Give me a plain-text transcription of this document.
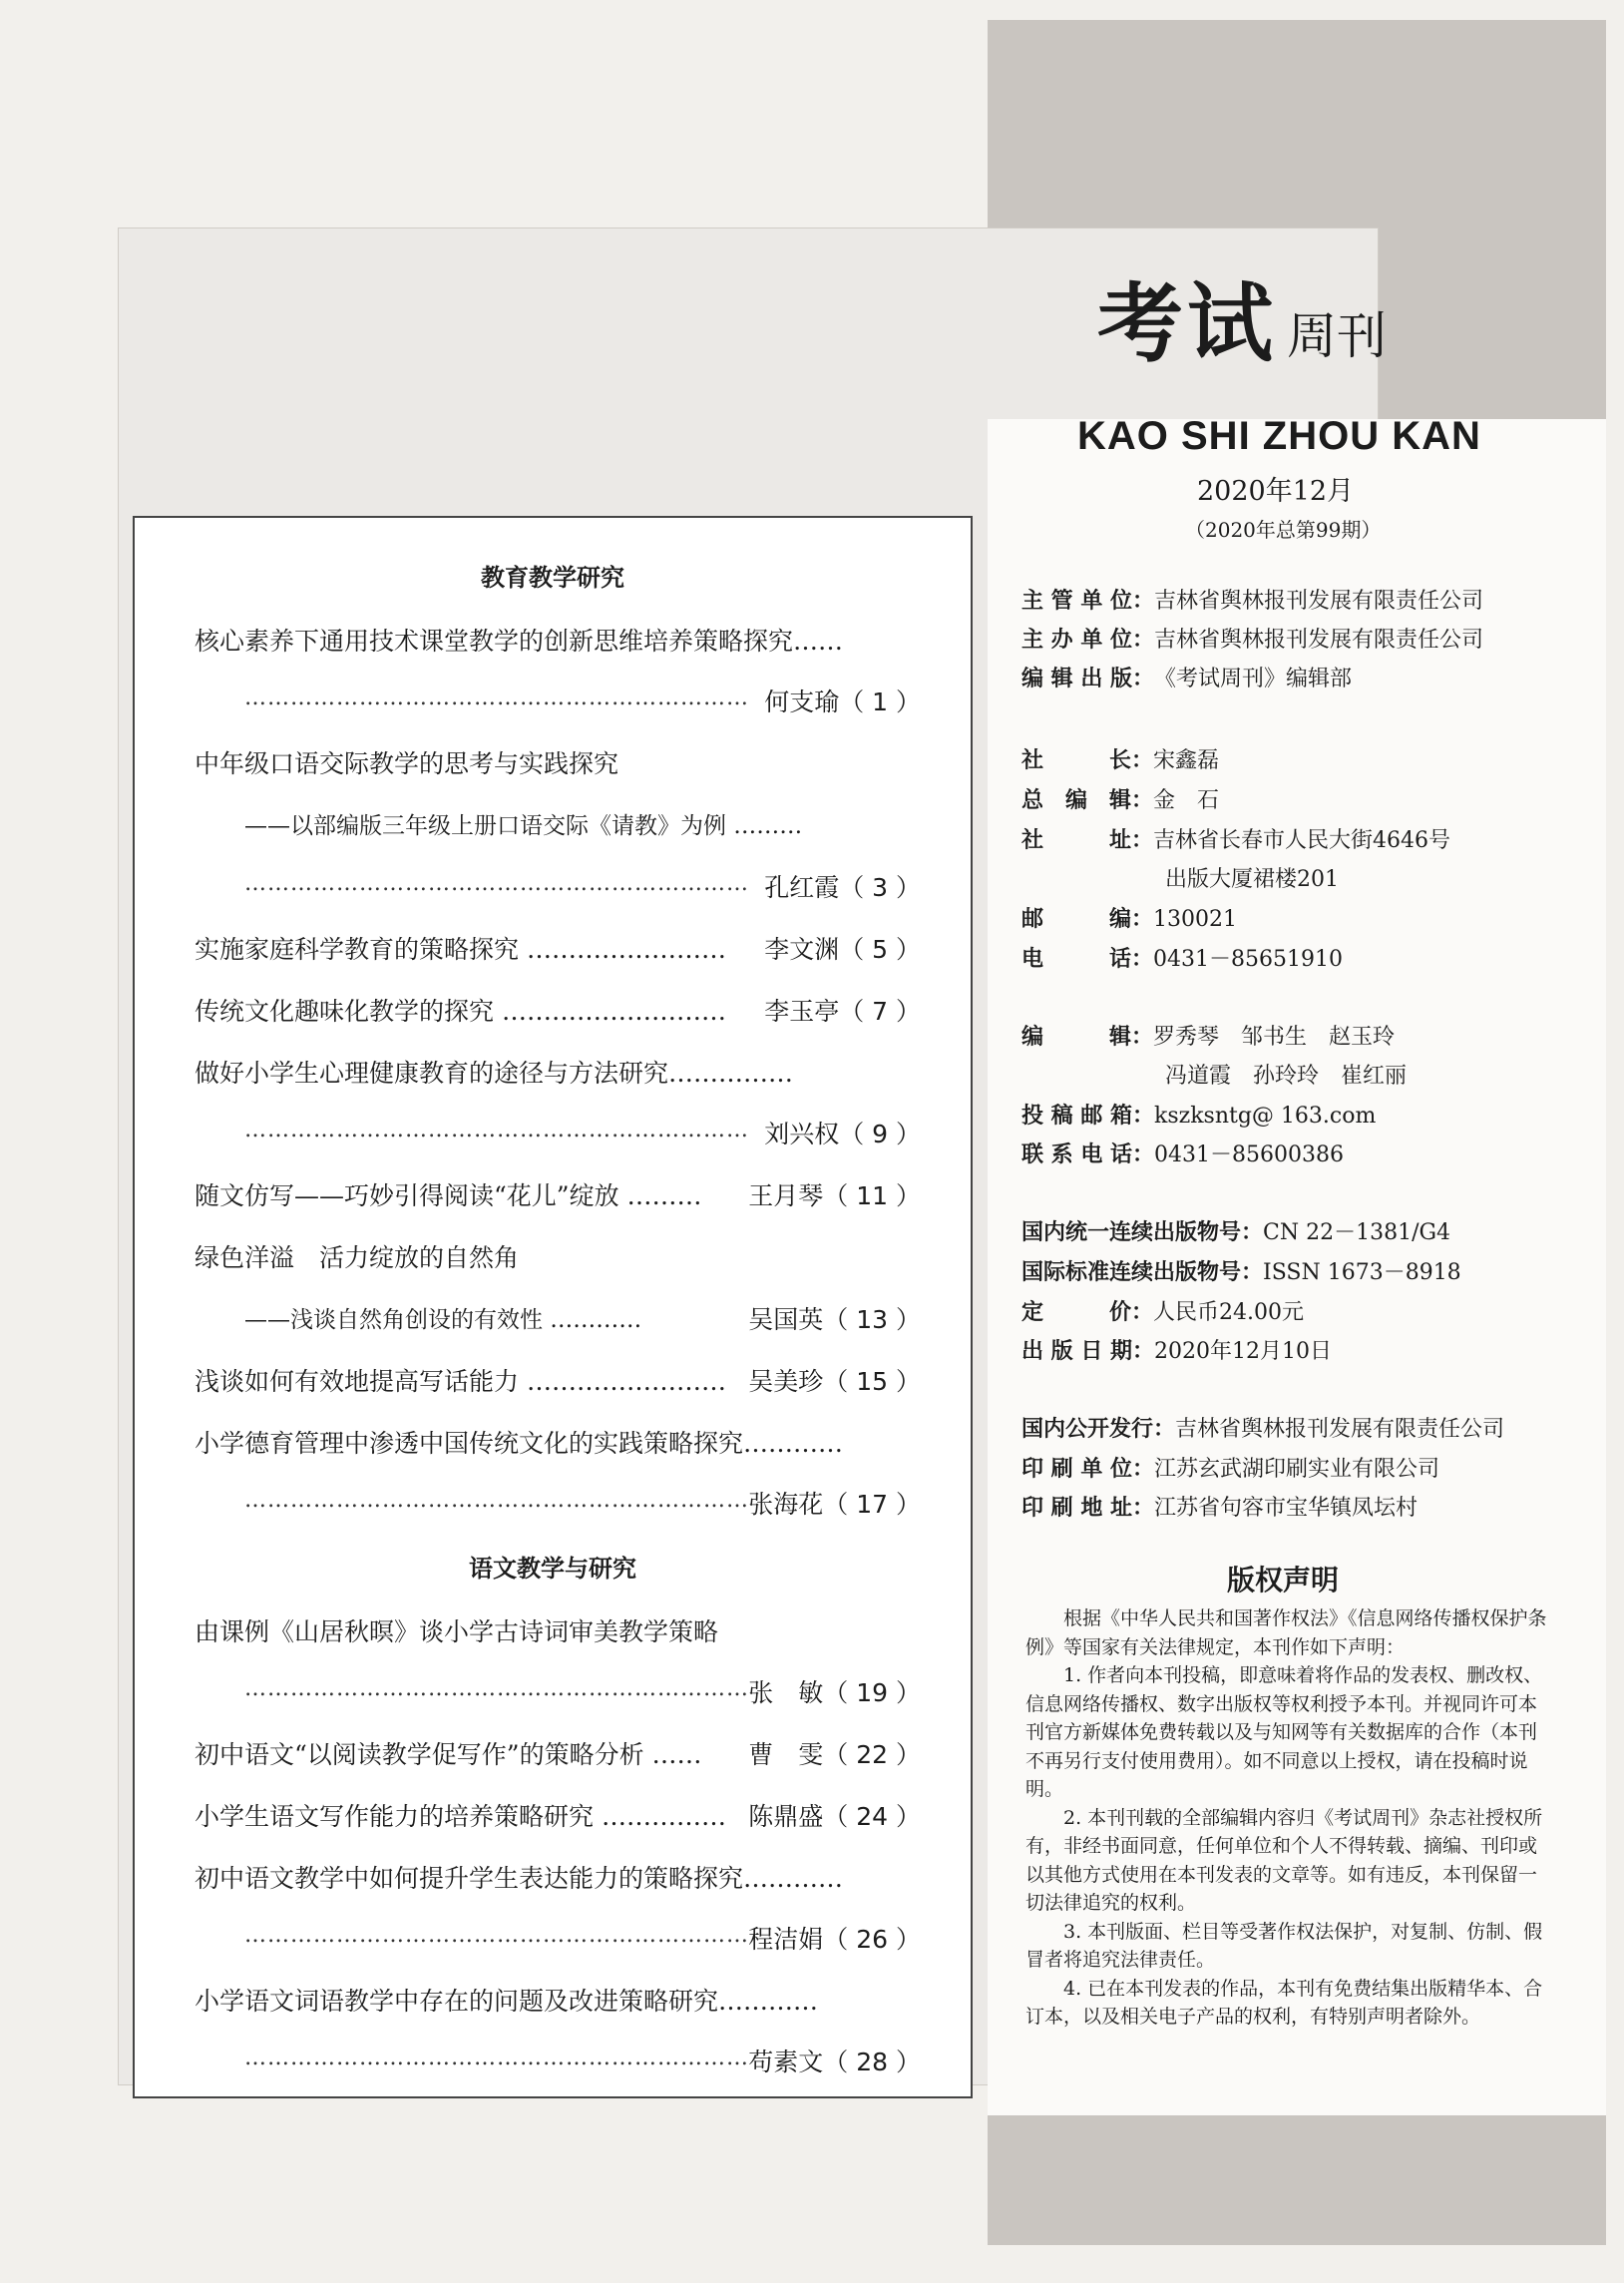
考试 周刊
KAO SHI ZHOU KAN
2020年12月
（2020年总第99期）
主 管 单 位：吉林省舆林报刊发展有限责任公司
主 办 单 位：吉林省舆林报刊发展有限责任公司
编 辑 出 版：《考试周刊》编辑部
社　　　长：宋鑫磊
总　编　辑：金　石
社　　　址：吉林省长春市人民大街4646号
出版大厦裙楼201
邮　　　编：130021
电　　　话：0431－85651910
编　　　辑：罗秀琴　邹书生　赵玉玲
冯道霞　孙玲玲　崔红丽
投 稿 邮 箱：kszksntg@ 163.com
联 系 电 话：0431－85600386
国内统一连续出版物号：CN 22－1381/G4
国际标准连续出版物号：ISSN 1673－8918
定　　　价：人民币24.00元
出 版 日 期：2020年12月10日
国内公开发行：吉林省舆林报刊发展有限责任公司
印 刷 单 位：江苏玄武湖印刷实业有限公司
印 刷 地 址：江苏省句容市宝华镇凤坛村
版权声明

根据《中华人民共和国著作权法》《信息网络传播权保护条例》等国家有关法律规定，本刊作如下声明：

1. 作者向本刊投稿，即意味着将作品的发表权、删改权、信息网络传播权、数字出版权等权利授予本刊。并视同许可本刊官方新媒体免费转载以及与知网等有关数据库的合作（本刊不再另行支付使用费用）。如不同意以上授权，请在投稿时说明。

2. 本刊刊载的全部编辑内容归《考试周刊》杂志社授权所有，非经书面同意，任何单位和个人不得转载、摘编、刊印或以其他方式使用在本刊发表的文章等。如有违反，本刊保留一切法律追究的权利。

3. 本刊版面、栏目等受著作权法保护，对复制、仿制、假冒者将追究法律责任。

4. 已在本刊发表的作品，本刊有免费结集出版精华本、合订本，以及相关电子产品的权利，有特别声明者除外。

教育教学研究
核心素养下通用技术课堂教学的创新思维培养策略探究……
………………………………………………………… 何支瑜（ 1 ）
中年级口语交际教学的思考与实践探究
——以部编版三年级上册口语交际《请教》为例 ………
………………………………………………………… 孔红霞（ 3 ）
实施家庭科学教育的策略探究 …………………… 李文渊（ 5 ）
传统文化趣味化教学的探究 ……………………… 李玉亭（ 7 ）
做好小学生心理健康教育的途径与方法研究……………
………………………………………………………… 刘兴权（ 9 ）
随文仿写——巧妙引得阅读“花儿”绽放 ……… 王月琴（ 11 ）
绿色洋溢　活力绽放的自然角
——浅谈自然角创设的有效性 …………	吴国英（ 13 ）
浅谈如何有效地提高写话能力 …………………… 吴美珍（ 15 ）
小学德育管理中渗透中国传统文化的实践策略探究…………
………………………………………………………… 张海花（ 17 ）
语文教学与研究
由课例《山居秋暝》谈小学古诗词审美教学策略
………………………………………………………… 张　敏（ 19 ）
初中语文“以阅读教学促写作”的策略分析 …… 曹　雯（ 22 ）
小学生语文写作能力的培养策略研究 …………… 陈鼎盛（ 24 ）
初中语文教学中如何提升学生表达能力的策略探究…………
………………………………………………………… 程洁娟（ 26 ）
小学语文词语教学中存在的问题及改进策略研究…………
………………………………………………………… 苟素文（ 28 ）
